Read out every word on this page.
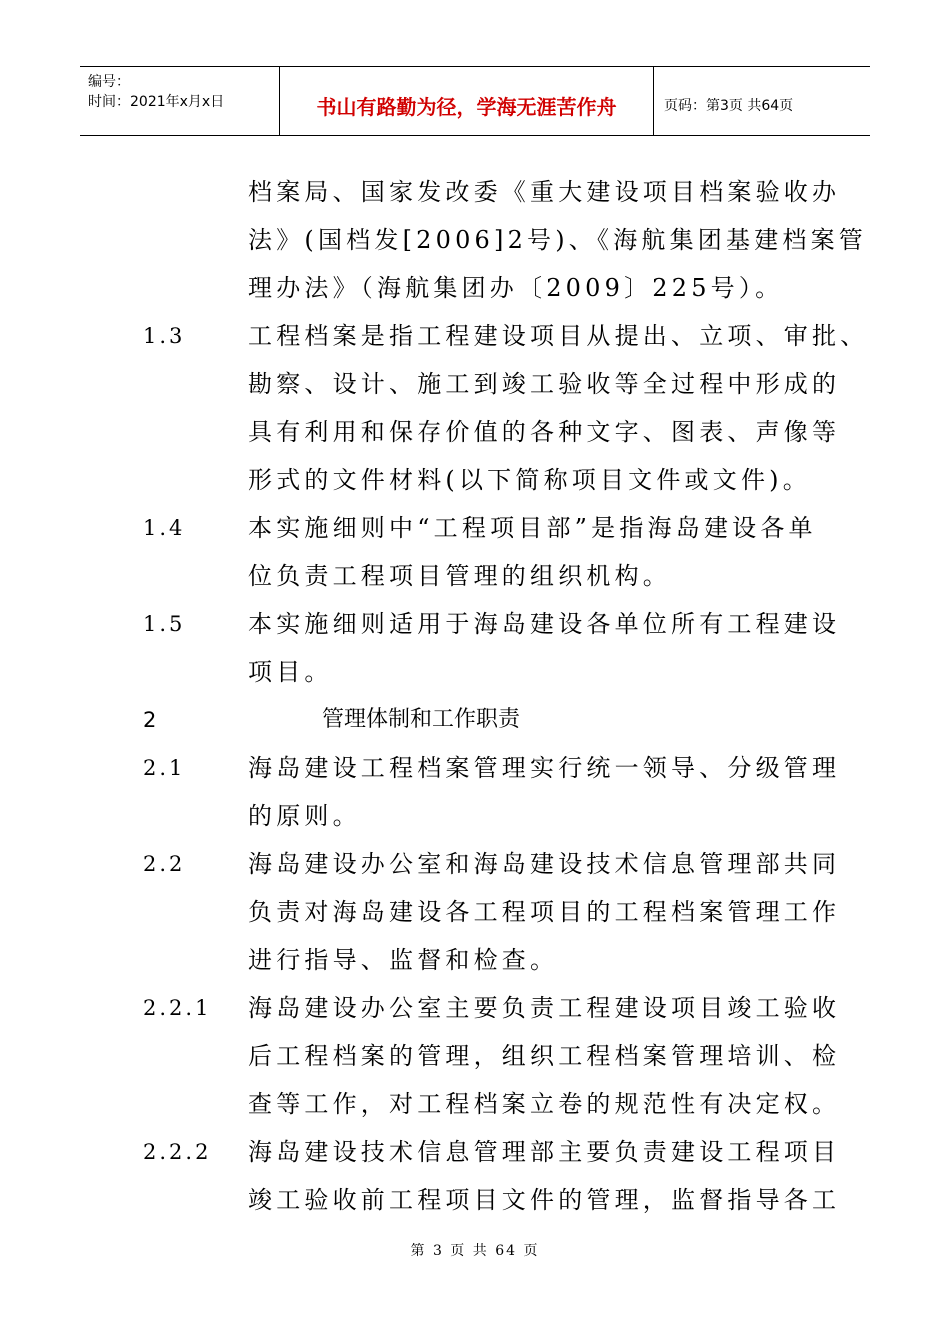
编号：
时间：2021年x月x日	书山有路勤为径，学海无涯苦作舟	页码：第3页 共64页
档案局、国家发改委《重大建设项目档案验收办
法》(国档发[2006]2号)、《海航集团基建档案管
理办法》（海航集团办〔2009〕225号）。
1.3	工程档案是指工程建设项目从提出、立项、审批、
勘察、设计、施工到竣工验收等全过程中形成的
具有利用和保存价值的各种文字、图表、声像等
形式的文件材料(以下简称项目文件或文件)。
1.4	本实施细则中“工程项目部”是指海岛建设各单
位负责工程项目管理的组织机构。
1.5	本实施细则适用于海岛建设各单位所有工程建设
项目。
2	管理体制和工作职责
2.1	海岛建设工程档案管理实行统一领导、分级管理
的原则。
2.2	海岛建设办公室和海岛建设技术信息管理部共同
负责对海岛建设各工程项目的工程档案管理工作
进行指导、监督和检查。
2.2.1 海岛建设办公室主要负责工程建设项目竣工验收
后工程档案的管理，组织工程档案管理培训、检
查等工作，对工程档案立卷的规范性有决定权。
2.2.2 海岛建设技术信息管理部主要负责建设工程项目
竣工验收前工程项目文件的管理，监督指导各工
第 3 页 共 64 页
